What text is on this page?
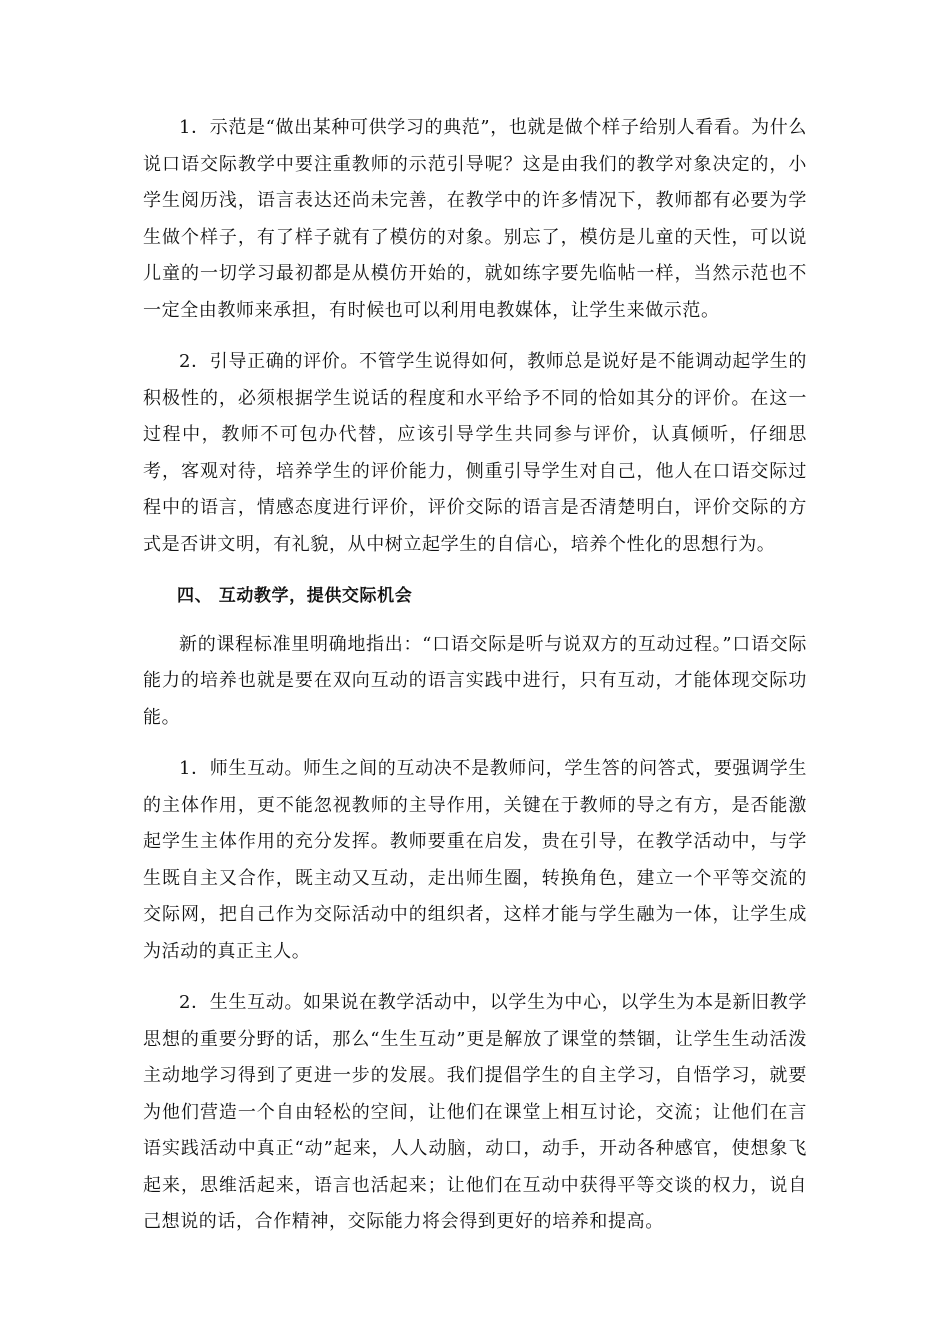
1．示范是“做出某种可供学习的典范”，也就是做个样子给别人看看。为什么说口语交际教学中要注重教师的示范引导呢？这是由我们的教学对象决定的，小学生阅历浅，语言表达还尚未完善，在教学中的许多情况下，教师都有必要为学生做个样子，有了样子就有了模仿的对象。别忘了，模仿是儿童的天性，可以说儿童的一切学习最初都是从模仿开始的，就如练字要先临帖一样，当然示范也不一定全由教师来承担，有时候也可以利用电教媒体，让学生来做示范。

2．引导正确的评价。不管学生说得如何，教师总是说好是不能调动起学生的积极性的，必须根据学生说话的程度和水平给予不同的恰如其分的评价。在这一过程中，教师不可包办代替，应该引导学生共同参与评价，认真倾听，仔细思考，客观对待，培养学生的评价能力，侧重引导学生对自己，他人在口语交际过程中的语言，情感态度进行评价，评价交际的语言是否清楚明白，评价交际的方式是否讲文明，有礼貌，从中树立起学生的自信心，培养个性化的思想行为。

四、 互动教学，提供交际机会

新的课程标准里明确地指出：“口语交际是听与说双方的互动过程。”口语交际能力的培养也就是要在双向互动的语言实践中进行，只有互动，才能体现交际功能。

1．师生互动。师生之间的互动决不是教师问，学生答的问答式，要强调学生的主体作用，更不能忽视教师的主导作用，关键在于教师的导之有方，是否能激起学生主体作用的充分发挥。教师要重在启发，贵在引导，在教学活动中，与学生既自主又合作，既主动又互动，走出师生圈，转换角色，建立一个平等交流的交际网，把自己作为交际活动中的组织者，这样才能与学生融为一体，让学生成为活动的真正主人。

2．生生互动。如果说在教学活动中，以学生为中心，以学生为本是新旧教学思想的重要分野的话，那么“生生互动”更是解放了课堂的禁锢，让学生生动活泼主动地学习得到了更进一步的发展。我们提倡学生的自主学习，自悟学习，就要为他们营造一个自由轻松的空间，让他们在课堂上相互讨论，交流；让他们在言语实践活动中真正“动”起来，人人动脑，动口，动手，开动各种感官，使想象飞起来，思维活起来，语言也活起来；让他们在互动中获得平等交谈的权力，说自己想说的话，合作精神，交际能力将会得到更好的培养和提高。
